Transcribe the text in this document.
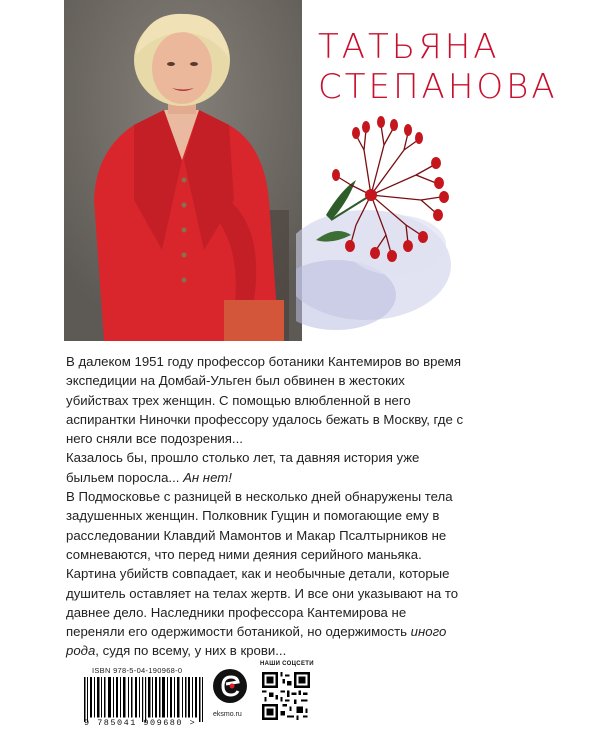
ТАТЬЯНА
СТЕПАНОВА

В далеком 1951 году профессор ботаники Кантемиров во время экспедиции на Домбай-Ульген был обвинен в жестоких убийствах трех женщин. С помощью влюбленной в него аспирантки Ниночки профессору удалось бежать в Москву, где с него сняли все подозрения...

Казалось бы, прошло столько лет, та давняя история уже быльем поросла... Ан нет!

В Подмосковье с разницей в несколько дней обнаружены тела задушенных женщин. Полковник Гущин и помогающие ему в расследовании Клавдий Мамонтов и Макар Псалтырников не сомневаются, что перед ними деяния серийного маньяка. Картина убийств совпадает, как и необычные детали, которые душитель оставляет на телах жертв. И все они указывают на то давнее дело. Наследники профессора Кантемирова не переняли его одержимости ботаникой, но одержимость иного рода, судя по всему, у них в крови...

ISBN 978-5-04-190968-0
9 785041 909680 >
eksmo.ru
НАШИ СОЦСЕТИ
